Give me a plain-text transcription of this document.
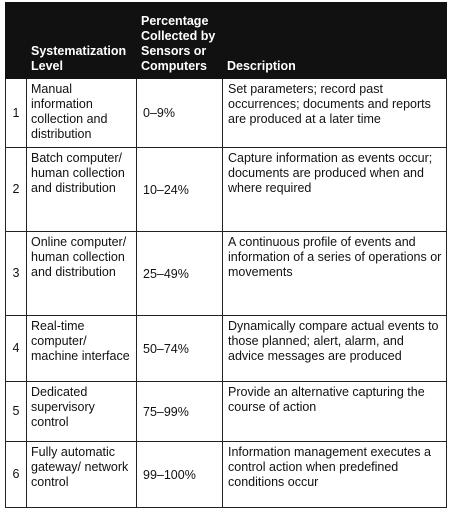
	Systematization Level	Percentage Collected by Sensors or Computers	Description
1	Manual information collection and distribution	0–9%	Set parameters; record past occurrences; documents and reports are produced at a later time
2	Batch computer/ human collection and distribution	10–24%	Capture information as events occur; documents are produced when and where required
3	Online computer/ human collection and distribution	25–49%	A continuous profile of events and information of a series of operations or movements
4	Real-time computer/ machine interface	50–74%	Dynamically compare actual events to those planned; alert, alarm, and advice messages are produced
5	Dedicated supervisory control	75–99%	Provide an alternative capturing the course of action
6	Fully automatic gateway/ network control	99–100%	Information management executes a control action when predefined conditions occur
